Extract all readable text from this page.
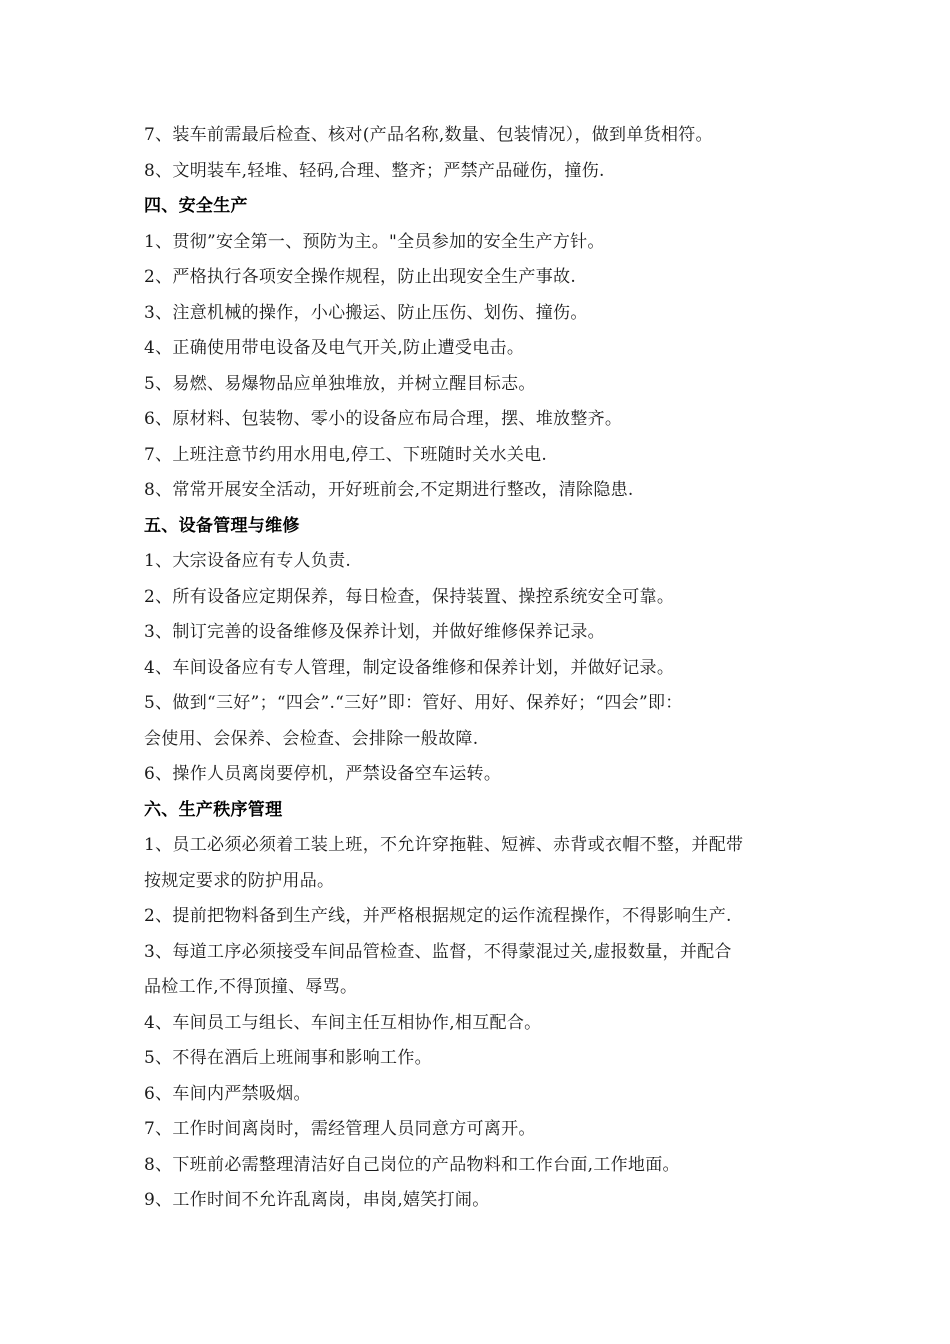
7、装车前需最后检查、核对(产品名称,数量、包装情况），做到单货相符。

8、文明装车,轻堆、轻码,合理、整齐；严禁产品碰伤，撞伤.

四、安全生产

1、贯彻”安全第一、预防为主。"全员参加的安全生产方针。

2、严格执行各项安全操作规程，防止出现安全生产事故.

3、注意机械的操作，小心搬运、防止压伤、划伤、撞伤。

4、正确使用带电设备及电气开关,防止遭受电击。

5、易燃、易爆物品应单独堆放，并树立醒目标志。

6、原材料、包装物、零小的设备应布局合理，摆、堆放整齐。

7、上班注意节约用水用电,停工、下班随时关水关电.

8、常常开展安全活动，开好班前会,不定期进行整改，清除隐患.

五、设备管理与维修

1、大宗设备应有专人负责.

2、所有设备应定期保养，每日检查，保持装置、操控系统安全可靠。

3、制订完善的设备维修及保养计划，并做好维修保养记录。

4、车间设备应有专人管理，制定设备维修和保养计划，并做好记录。

5、做到“三好”；“四会”.“三好”即：管好、用好、保养好；“四会”即：

会使用、会保养、会检查、会排除一般故障.

6、操作人员离岗要停机，严禁设备空车运转。

六、生产秩序管理

1、员工必须必须着工装上班，不允许穿拖鞋、短裤、赤背或衣帽不整，并配带

按规定要求的防护用品。

2、提前把物料备到生产线，并严格根据规定的运作流程操作，不得影响生产.

3、每道工序必须接受车间品管检查、监督，不得蒙混过关,虚报数量，并配合

品检工作,不得顶撞、辱骂。

4、车间员工与组长、车间主任互相协作,相互配合。

5、不得在酒后上班闹事和影响工作。

6、车间内严禁吸烟。

7、工作时间离岗时，需经管理人员同意方可离开。

8、下班前必需整理清洁好自己岗位的产品物料和工作台面,工作地面。

9、工作时间不允许乱离岗，串岗,嬉笑打闹。
